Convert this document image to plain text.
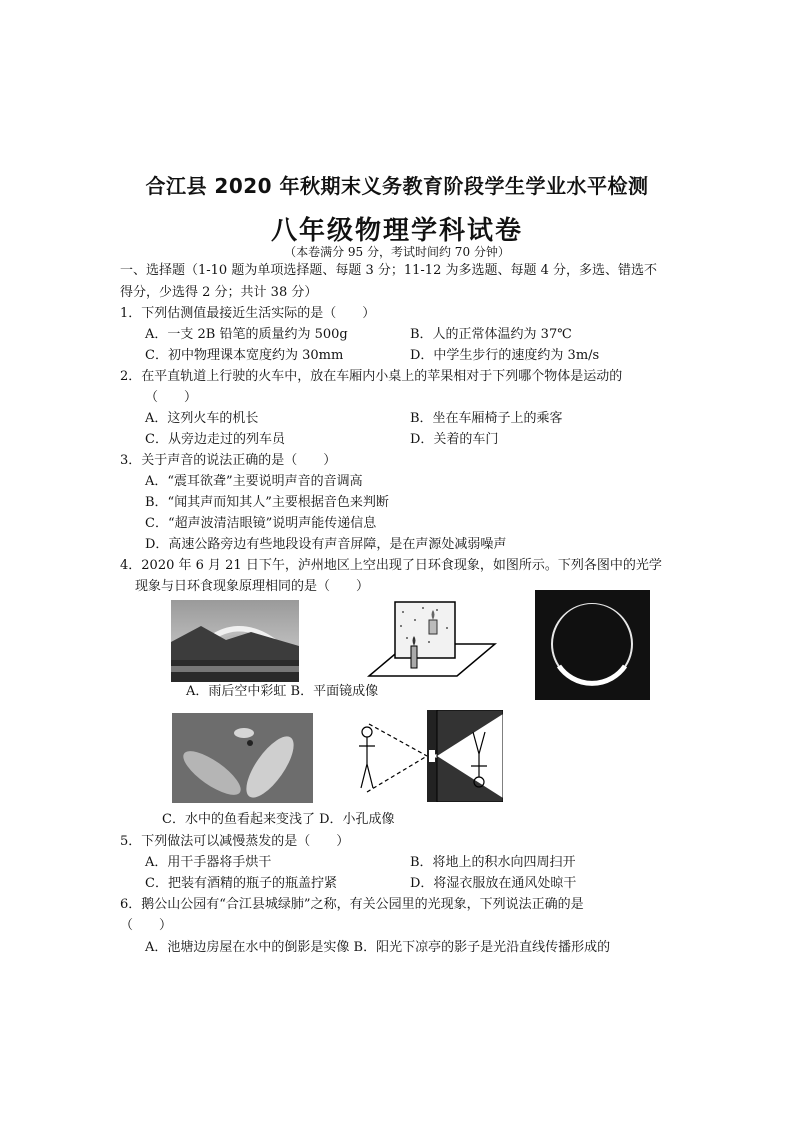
合江县 2020 年秋期末义务教育阶段学生学业水平检测
八年级物理学科试卷
（本卷满分 95 分，考试时间约 70 分钟）
一、选择题（1-10 题为单项选择题、每题 3 分；11-12 为多选题、每题 4 分，多选、错选不
得分，少选得 2 分；共计 38 分）
1．下列估测值最接近生活实际的是（　　）
A．一支 2B 铅笔的质量约为 500g	B．人的正常体温约为 37℃
C．初中物理课本宽度约为 30mm	D．中学生步行的速度约为 3m/s
2．在平直轨道上行驶的火车中，放在车厢内小桌上的苹果相对于下列哪个物体是运动的
（　　）
A．这列火车的机长	B．坐在车厢椅子上的乘客
C．从旁边走过的列车员	D．关着的车门
3．关于声音的说法正确的是（　　）
A．“震耳欲聋”主要说明声音的音调高
B．“闻其声而知其人”主要根据音色来判断
C．“超声波清洁眼镜”说明声能传递信息
D．高速公路旁边有些地段设有声音屏障，是在声源处减弱噪声
4．2020 年 6 月 21 日下午，泸州地区上空出现了日环食现象，如图所示。下列各图中的光学
现象与日环食现象原理相同的是（　　）
A．雨后空中彩虹 B．平面镜成像
C．水中的鱼看起来变浅了 D．小孔成像
5．下列做法可以减慢蒸发的是（　　）
A．用干手器将手烘干	B．将地上的积水向四周扫开
C．把装有酒精的瓶子的瓶盖拧紧	D．将湿衣服放在通风处晾干
6．鹅公山公园有“合江县城绿肺”之称，有关公园里的光现象，下列说法正确的是
（　　）
A．池塘边房屋在水中的倒影是实像 B．阳光下凉亭的影子是光沿直线传播形成的
